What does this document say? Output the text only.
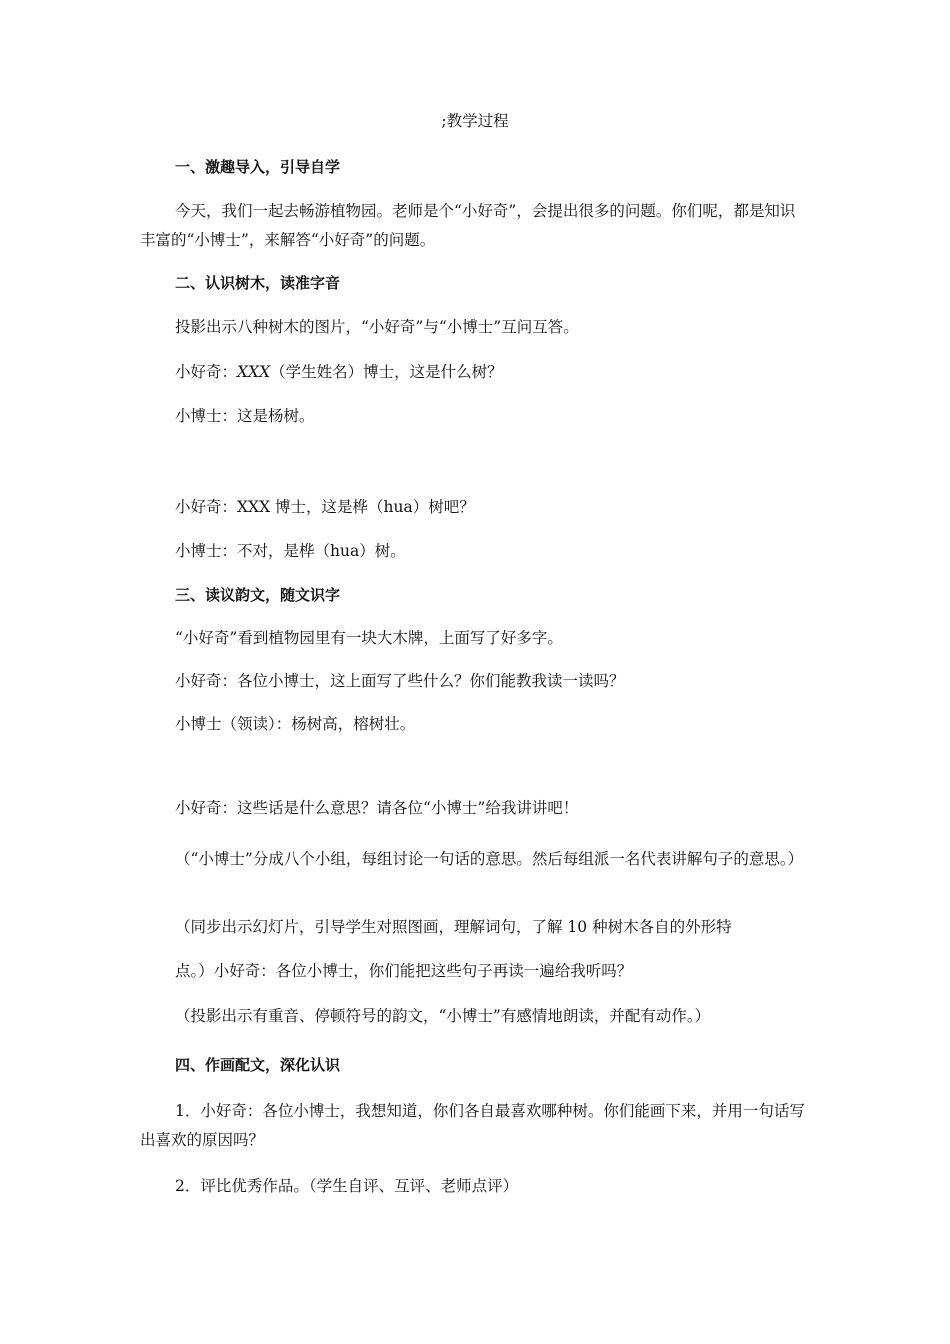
;教学过程

一、激趣导入，引导自学

今天，我们一起去畅游植物园。老师是个“小好奇”，会提出很多的问题。你们呢，都是知识丰富的“小博士”，来解答“小好奇”的问题。

二、认识树木，读准字音

投影出示八种树木的图片，“小好奇”与“小博士”互问互答。

小好奇：XXX（学生姓名）博士，这是什么树？

小博士：这是杨树。

小好奇：XXX 博士，这是桦（hua）树吧？

小博士：不对，是桦（hua）树。

三、读议韵文，随文识字

“小好奇”看到植物园里有一块大木牌，上面写了好多字。

小好奇：各位小博士，这上面写了些什么？你们能教我读一读吗？

小博士（领读）：杨树高，榕树壮。

小好奇：这些话是什么意思？请各位“小博士”给我讲讲吧！

（“小博士”分成八个小组，每组讨论一句话的意思。然后每组派一名代表讲解句子的意思。）

（同步出示幻灯片，引导学生对照图画，理解词句，了解 10 种树木各自的外形特

点。）小好奇：各位小博士，你们能把这些句子再读一遍给我听吗？

（投影出示有重音、停顿符号的韵文，“小博士”有感情地朗读，并配有动作。）

四、作画配文，深化认识

1．小好奇：各位小博士，我想知道，你们各自最喜欢哪种树。你们能画下来，并用一句话写出喜欢的原因吗？

2．评比优秀作品。（学生自评、互评、老师点评）
